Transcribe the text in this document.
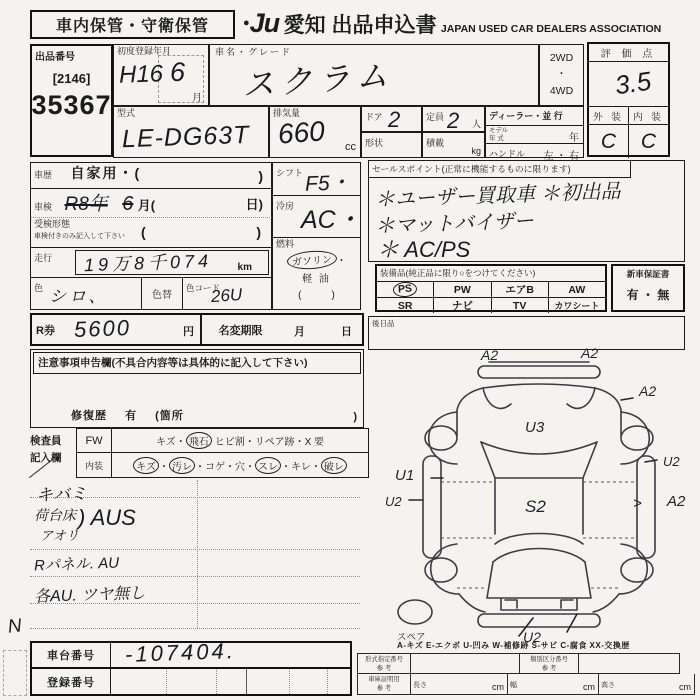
車内保管・守衛保管	●Ju 愛知 出品申込書 JAPAN USED CAR DEALERS ASSOCIATION
出品番号
[2146]
35367
初度登録年月
H16 6
月
車名・グレード
スクラム	2WD
・
4WD
評 価 点
3.5
外 装 内 装
C	C
型式
LE-DG63T
排気量
660 cc
ドア 2
形状
定員 2 人
積載
kg
ディーラー・並 行
モデル
年 式	年
ハンドル 左 ・ 右
車歴 自家用・(	)
車検 R8年 6 月(	日)
受検形態
車検付きのみ記入して下さい	(	)
走行 19万8千074	km
色 シロ、	色替
色コード
26U
シフト F5・
冷房 AC・
燃料
ガソリン ・
軽 油
(　　　)
セールスポイント(正常に機能するものに限ります)
＊ユーザー買取車 ＊初出品
＊マットバイザー
＊ AC/PS
装備品(純正品に限り○をつけてください)
PS	PW	エアB	AW
SR	ナビ	TV	カワシート
新車保証書
有 ・ 無
後日品
R券 5600	円	名変期限	月	日
注意事項申告欄(不具合内容等は具体的に記入して下さい)
修復歴 有 (箇所	)
検査員
記入欄
FW	キズ・ 飛石 ヒビ割・リペア跡・X 要
内装	キズ ・ 汚レ ・ コゲ・穴・ スレ ・ キレ・ 破レ
キバミ
荷台床
アオリ
) AUS
Rパネル. AU
各AU. ツヤ無し
A2	A2
A2
U3
U1
U2	S2	> A2
U2
U2
スペア
N
車台番号	-107404.
登録番号
A-キズ E-エクボ U-凹み W-補修跡 S-サビ C-腐食 XX-交換歴
形式指定番号
参 考
類別区分番号
参 考
車庫証明用
参 考	長さ	cm 幅	cm 高さ	cm
